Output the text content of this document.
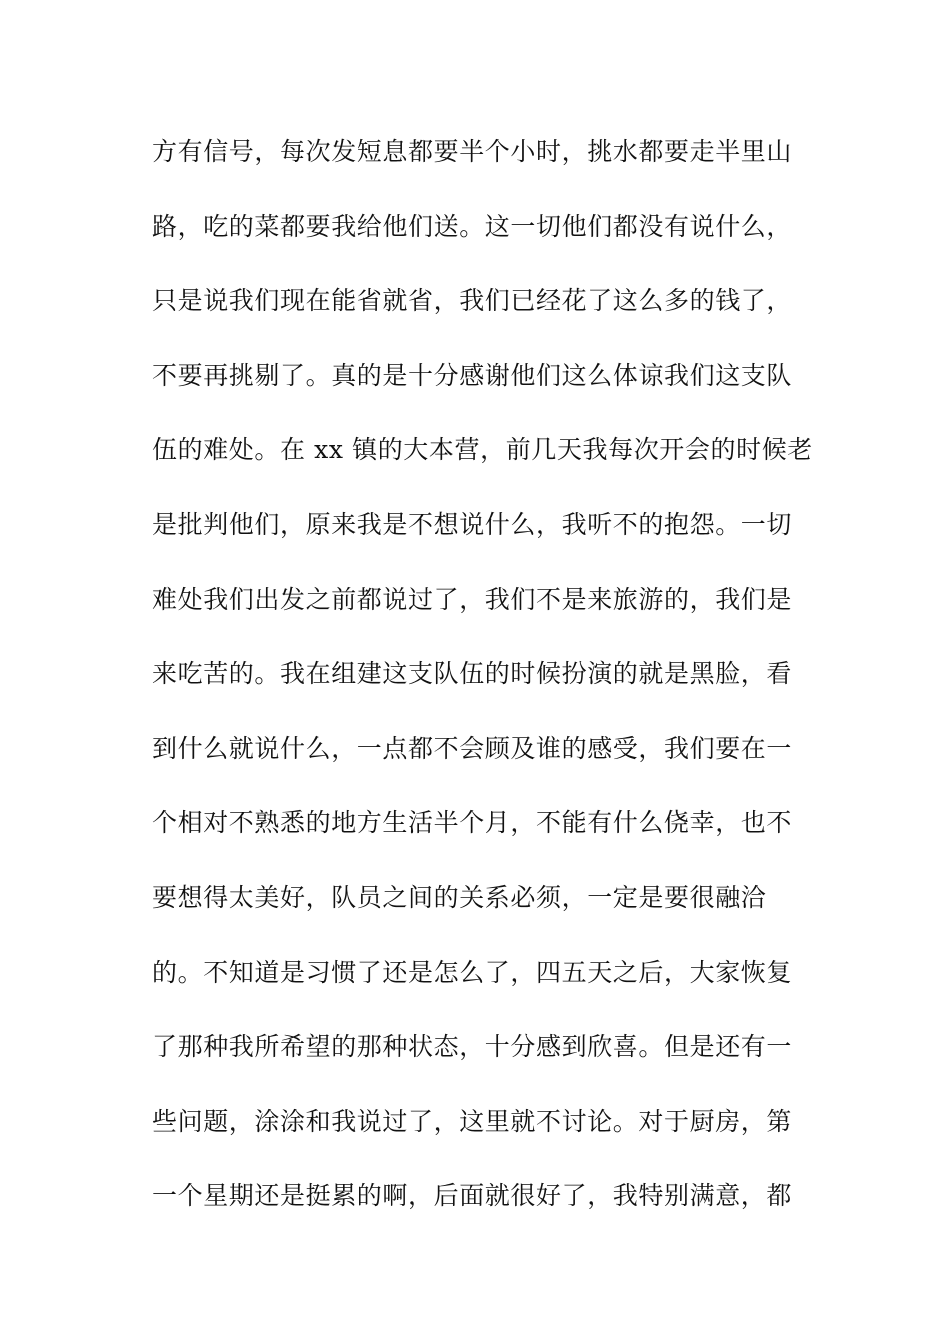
方有信号，每次发短息都要半个小时，挑水都要走半里山
路，吃的菜都要我给他们送。这一切他们都没有说什么，
只是说我们现在能省就省，我们已经花了这么多的钱了，
不要再挑剔了。真的是十分感谢他们这么体谅我们这支队
伍的难处。在 xx 镇的大本营，前几天我每次开会的时候老
是批判他们，原来我是不想说什么，我听不的抱怨。一切
难处我们出发之前都说过了，我们不是来旅游的，我们是
来吃苦的。我在组建这支队伍的时候扮演的就是黑脸，看
到什么就说什么，一点都不会顾及谁的感受，我们要在一
个相对不熟悉的地方生活半个月，不能有什么侥幸，也不
要想得太美好，队员之间的关系必须，一定是要很融洽
的。不知道是习惯了还是怎么了，四五天之后，大家恢复
了那种我所希望的那种状态，十分感到欣喜。但是还有一
些问题，涂涂和我说过了，这里就不讨论。对于厨房，第
一个星期还是挺累的啊，后面就很好了，我特别满意，都
